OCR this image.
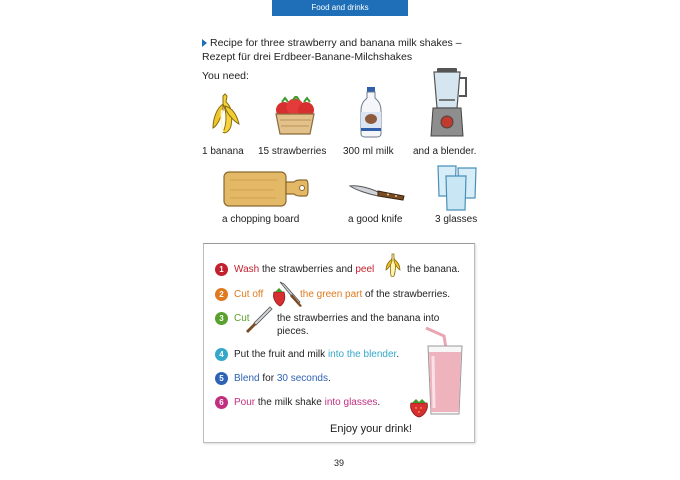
Food and drinks
Recipe for three strawberry and banana milk shakes –
Rezept für drei Erdbeer-Banane-Milchshakes
You need:
1 banana 15 strawberries 300 ml milk and a blender.
a chopping board	a good knife	3 glasses
1	Wash the strawberries and peel	the banana.
2	Cut off	the green part of the strawberries.
3	Cut	the strawberries and the banana into
pieces.
4	Put the fruit and milk into the blender.
5	Blend for 30 seconds.
6	Pour the milk shake into glasses.
Enjoy your drink!
39
